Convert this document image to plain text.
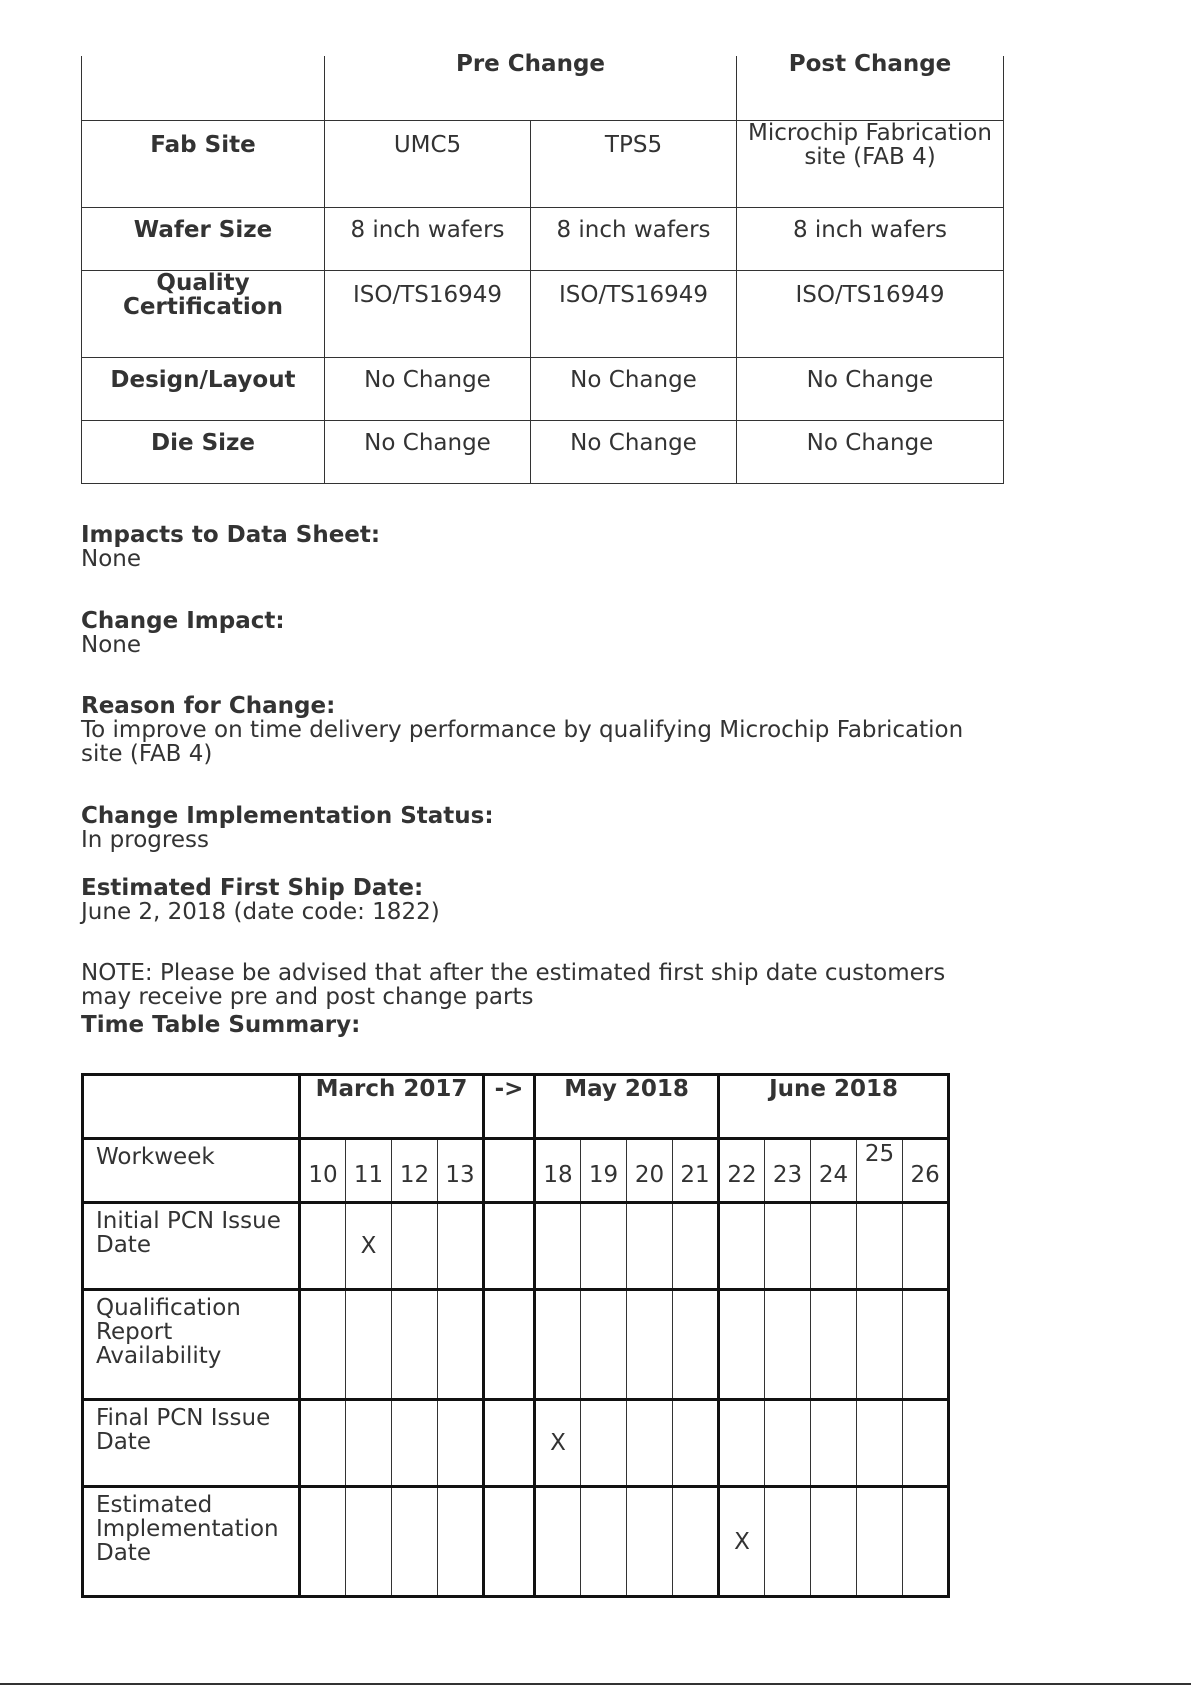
	Pre Change		Post Change
Fab Site	UMC5	TPS5	Microchip Fabrication site (FAB 4)
Wafer Size	8 inch wafers	8 inch wafers	8 inch wafers
Quality Certification	ISO/TS16949	ISO/TS16949	ISO/TS16949
Design/Layout	No Change	No Change	No Change
Die Size	No Change	No Change	No Change
Impacts to Data Sheet:
None
Change Impact:
None
Reason for Change:
To improve on time delivery performance by qualifying Microchip Fabrication site (FAB 4)
Change Implementation Status:
In progress
Estimated First Ship Date:
June 2, 2018 (date code: 1822)
NOTE: Please be advised that after the estimated first ship date customers may receive pre and post change parts
Time Table Summary:
	March 2017				->	May 2018				June 2018				
Workweek	10	11	12	13		18	19	20	21	22	23	24	25	26
Initial PCN Issue Date		X												
Qualification Report Availability														
Final PCN Issue Date						X								
Estimated Implementation Date										X				
